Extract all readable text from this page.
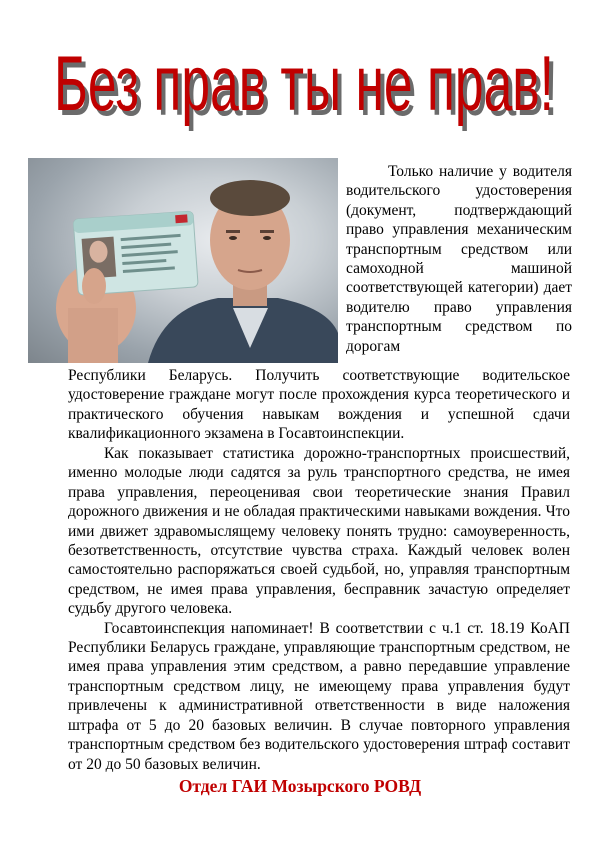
Без прав ты не прав!
Без прав ты не прав!
Только наличие у водителя водительского удостоверения (документ, подтверждающий право управления механическим транспортным средством или самоходной машиной соответствующей категории) дает водителю право управления транспортным средством по дорогам
Республики Беларусь. Получить соответствующие водительское удостоверение граждане могут после прохождения курса теоретического и практического обучения навыкам вождения и успешной сдачи квалификационного экзамена в Госавтоинспекции.

Как показывает статистика дорожно-транспортных происшествий, именно молодые люди садятся за руль транспортного средства, не имея права управления, переоценивая свои теоретические знания Правил дорожного движения и не обладая практическими навыками вождения. Что ими движет здравомыслящему человеку понять трудно: самоуверенность, безответственность, отсутствие чувства страха. Каждый человек волен самостоятельно распоряжаться своей судьбой, но, управляя транспортным средством, не имея права управления, бесправник зачастую определяет судьбу другого человека.

Госавтоинспекция напоминает! В соответствии с ч.1 ст. 18.19 КоАП Республики Беларусь граждане, управляющие транспортным средством, не имея права управления этим средством, а равно передавшие управление транспортным средством лицу, не имеющему права управления будут привлечены к административной ответственности в виде наложения штрафа от 5 до 20 базовых величин. В случае повторного управления транспортным средством без водительского удостоверения штраф составит от 20 до 50 базовых величин.

Отдел ГАИ Мозырского РОВД
